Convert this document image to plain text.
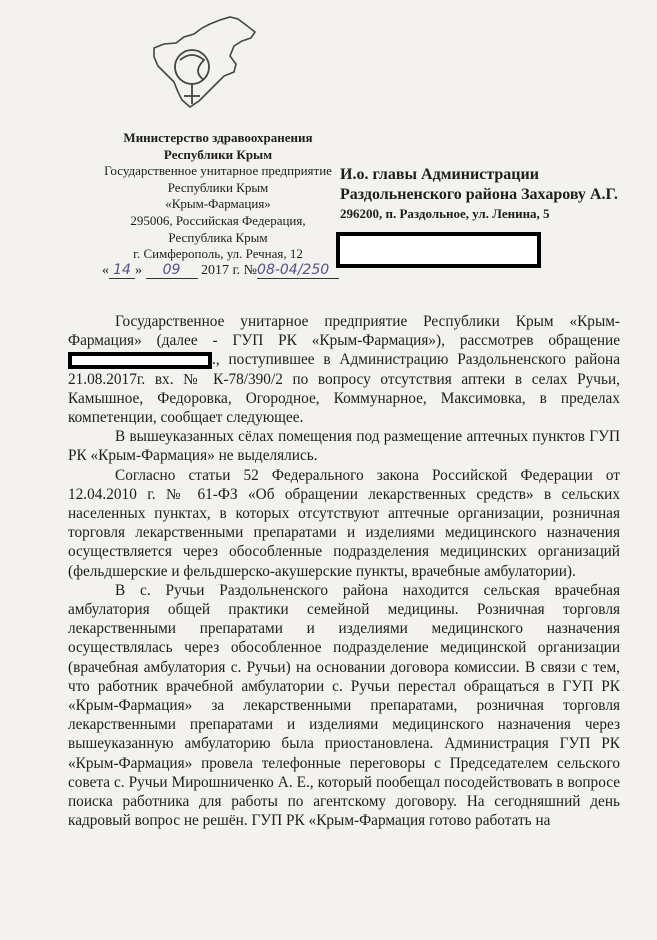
Министерство здравоохранения
Республики Крым
Государственное унитарное предприятие
Республики Крым
«Крым-Фармация»
295006, Российская Федерация,
Республика Крым
г. Симферополь, ул. Речная, 12
И.о. главы Администрации
Раздольненского района Захарову А.Г.
296200, п. Раздольное, ул. Ленина, 5
« 14 » 09 2017 г. №08-04/250

Государственное унитарное предприятие Республики Крым «Крым-Фармация» (далее - ГУП РК «Крым-Фармация»), рассмотрев обращение ., поступившее в Администрацию Раздольненского района 21.08.2017г. вх. № К-78/390/2 по вопросу отсутствия аптеки в селах Ручьи, Камышное, Федоровка, Огородное, Коммунарное, Максимовка, в пределах компетенции, сообщает следующее.

В вышеуказанных сёлах помещения под размещение аптечных пунктов ГУП РК «Крым-Фармация» не выделялись.

Согласно статьи 52 Федерального закона Российской Федерации от 12.04.2010 г. № 61-ФЗ «Об обращении лекарственных средств» в сельских населенных пунктах, в которых отсутствуют аптечные организации, розничная торговля лекарственными препаратами и изделиями медицинского назначения осуществляется через обособленные подразделения медицинских организаций (фельдшерские и фельдшерско-акушерские пункты, врачебные амбулатории).

В с. Ручьи Раздольненского района находится сельская врачебная амбулатория общей практики семейной медицины. Розничная торговля лекарственными препаратами и изделиями медицинского назначения осуществлялась через обособленное подразделение медицинской организации (врачебная амбулатория с. Ручьи) на основании договора комиссии. В связи с тем, что работник врачебной амбулатории с. Ручьи перестал обращаться в ГУП РК «Крым-Фармация» за лекарственными препаратами, розничная торговля лекарственными препаратами и изделиями медицинского назначения через вышеуказанную амбулаторию была приостановлена. Администрация ГУП РК «Крым-Фармация» провела телефонные переговоры с Председателем сельского совета с. Ручьи Мирошниченко А. Е., который пообещал посодействовать в вопросе поиска работника для работы по агентскому договору. На сегодняшний день кадровый вопрос не решён. ГУП РК «Крым-Фармация готово работать на
